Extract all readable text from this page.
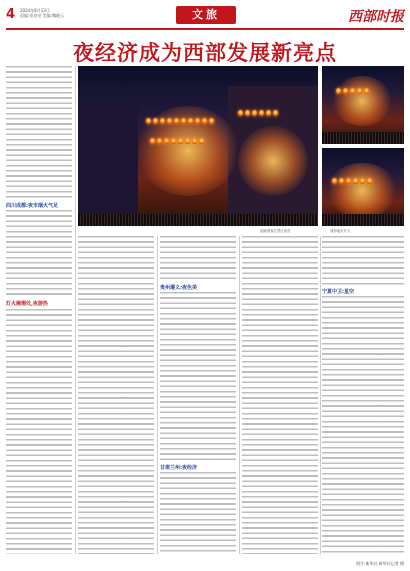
4 2024年8月13日
责编:张亮亮 美编:魏晓云	文旅	西部时报
夜经济成为西部发展新亮点
四川成都:夜市烟火气足
灯火阑珊处,夜游热
夜晚游客在景区游览	西部夜市灯火
贵州遵义:夜色美
甘肃兰州:夜经济
宁夏中卫:星空
图片:新华社 新华社记者 摄
